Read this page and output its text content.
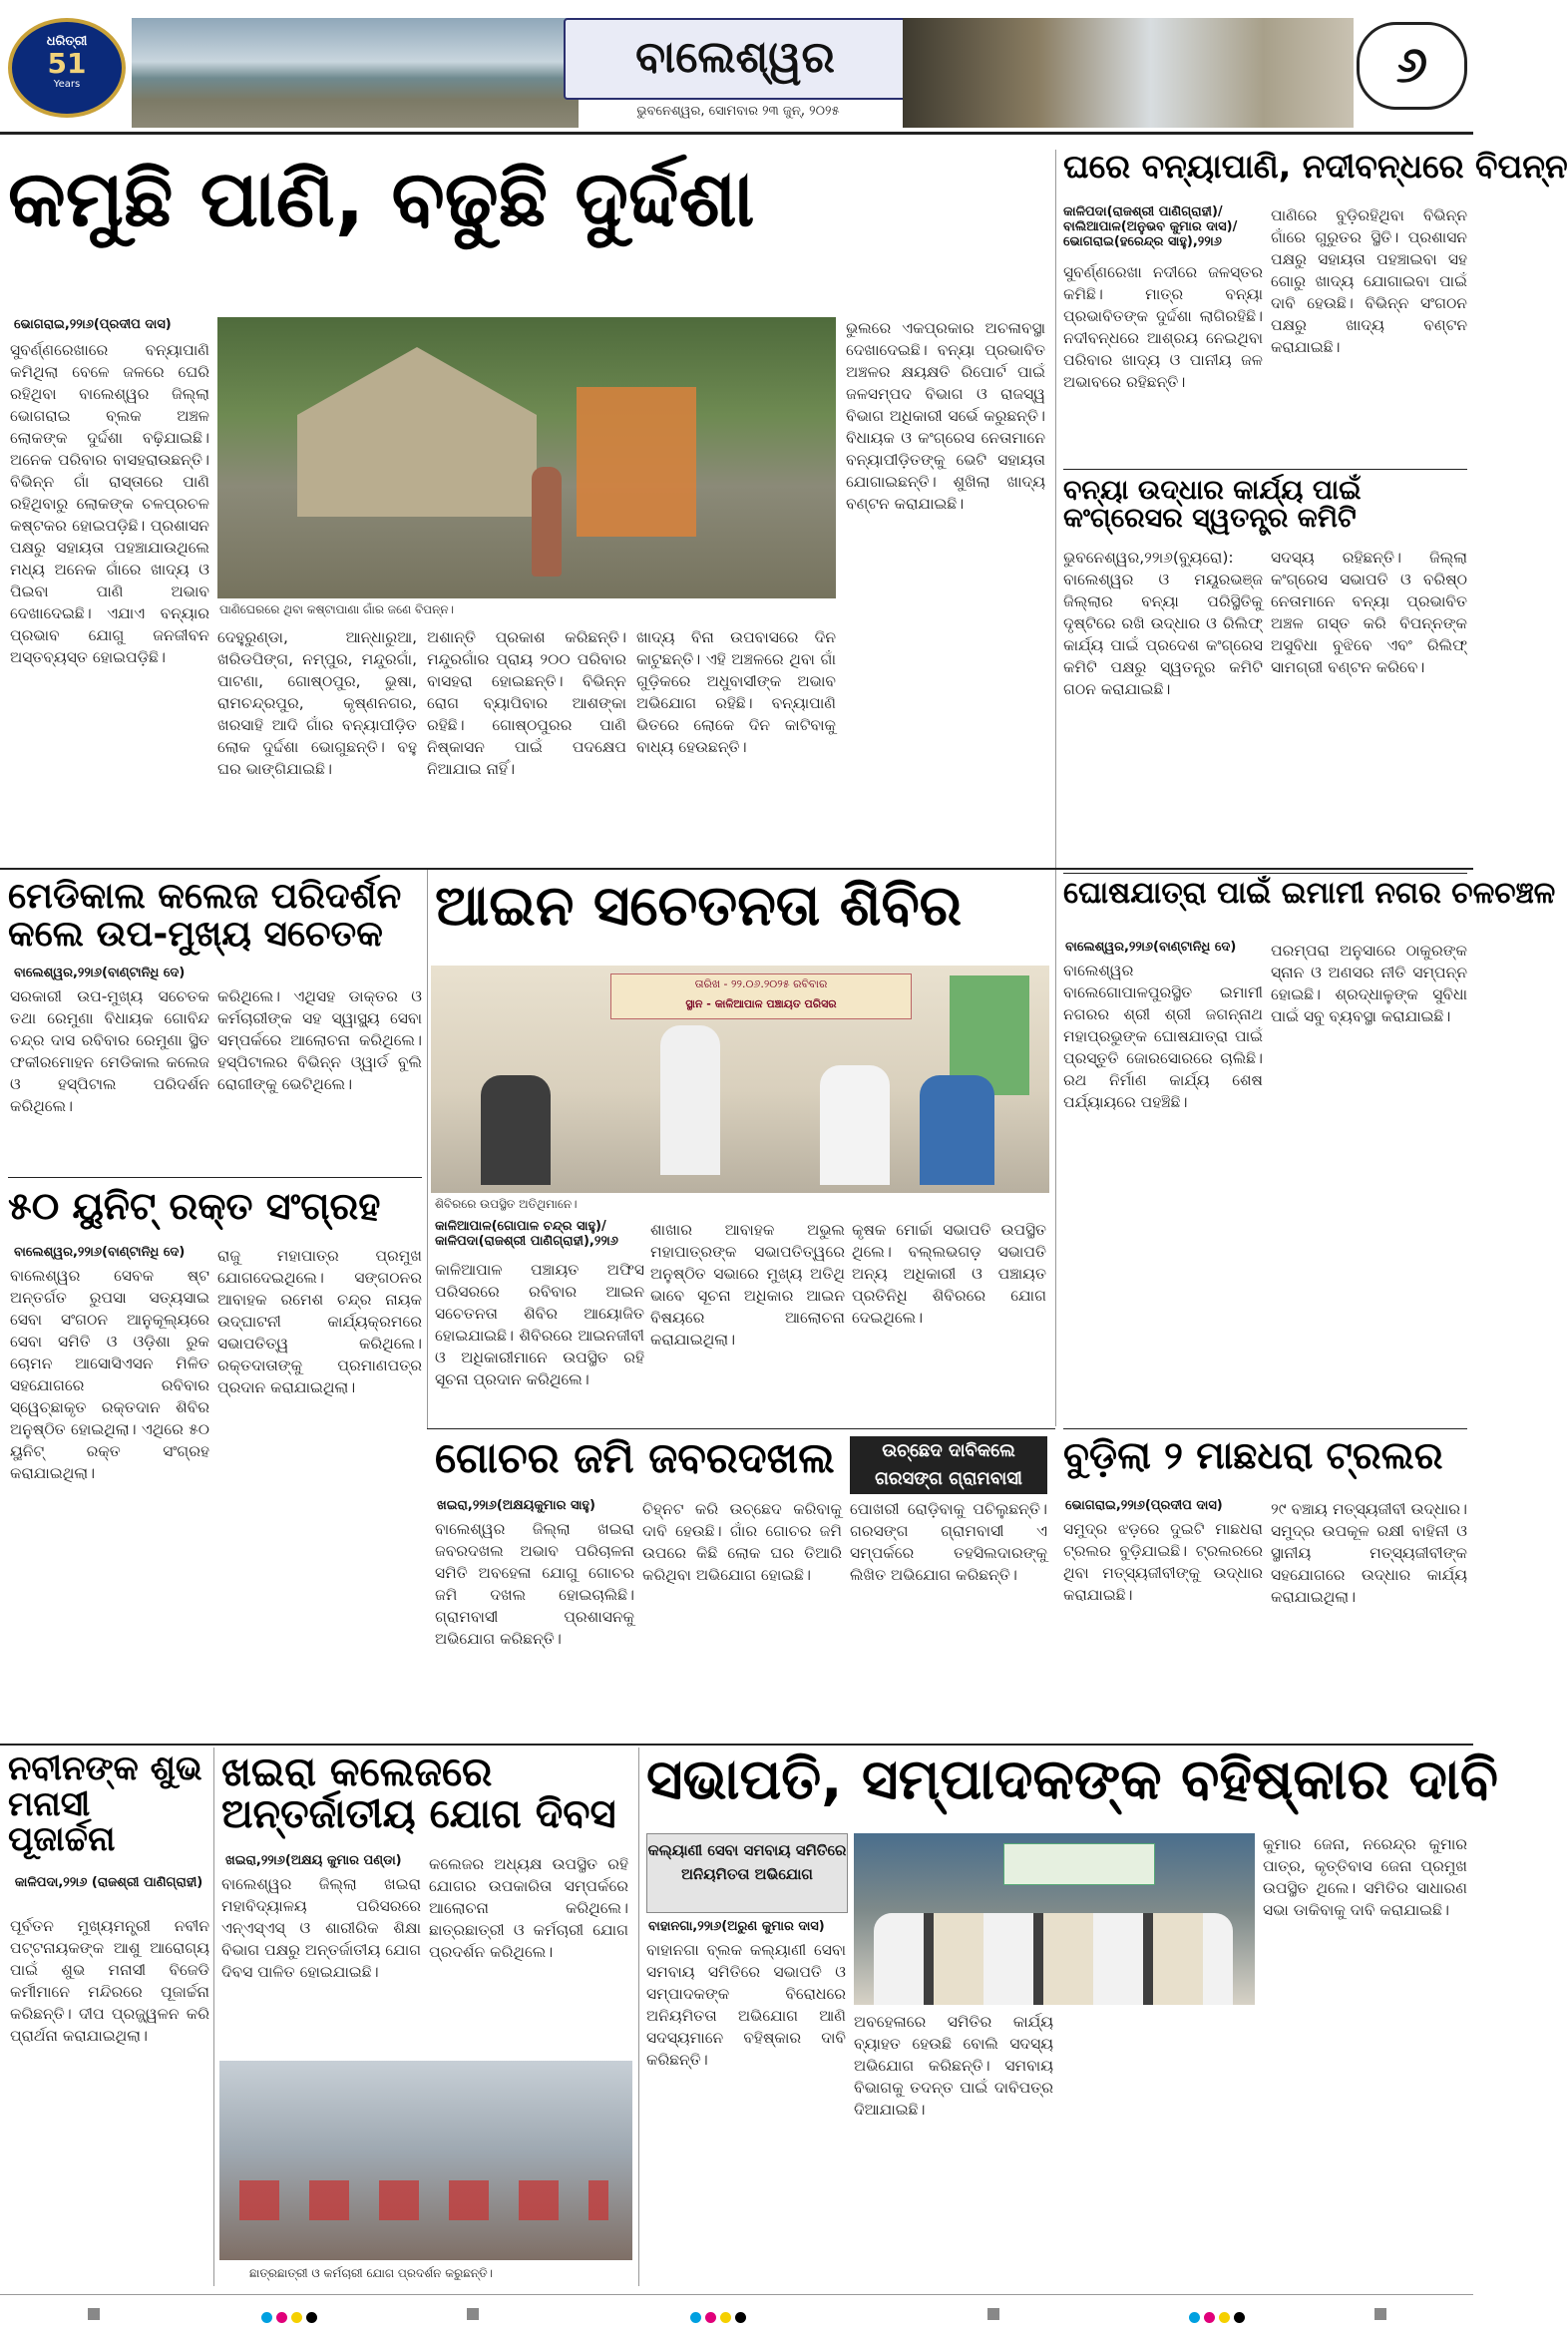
ଧରିତ୍ରୀ
51
Years
ବାଲେଶ୍ୱର
ଭୁବନେଶ୍ୱର, ସୋମବାର ୨୩ ଜୁନ୍, ୨୦୨୫
୬
କମୁଛି ପାଣି, ବଢୁଛି ଦୁର୍ଦ୍ଦଶା
ଭୋଗରାଇ,୨୨ା୬(ପ୍ରଦୀପ ଦାସ)
ସୁବର୍ଣ୍ଣରେଖାରେ ବନ୍ୟାପାଣି କମିଥିଲା ବେଳେ ଜଳରେ ଘେରି ରହିଥିବା ବାଲେଶ୍ୱର ଜିଲ୍ଲା ଭୋଗରାଇ ବ୍ଲକ ଅଞ୍ଚଳ ଲୋକଙ୍କ ଦୁର୍ଦ୍ଦଶା ବଢ଼ିଯାଇଛି। ଅନେକ ପରିବାର ବାସହରାଉଛନ୍ତି। ବିଭିନ୍ନ ଗାଁ ରାସ୍ତାରେ ପାଣି ରହିଥିବାରୁ ଲୋକଙ୍କ ଚଳପ୍ରଚଳ କଷ୍ଟକର ହୋଇପଡ଼ିଛି। ପ୍ରଶାସନ ପକ୍ଷରୁ ସହାୟତା ପହଞ୍ଚାଯାଉଥିଲେ ମଧ୍ୟ ଅନେକ ଗାଁରେ ଖାଦ୍ୟ ଓ ପିଇବା ପାଣି ଅଭାବ ଦେଖାଦେଇଛି। ଏଯାଏ ବନ୍ୟାର ପ୍ରଭାବ ଯୋଗୁ ଜନଜୀବନ ଅସ୍ତବ୍ୟସ୍ତ ହୋଇପଡ଼ିଛି।
ପାଣିଘେରରେ ଥିବା କଷ୍ଟାପାଣା ଗାଁର ଜଣେ ବିପନ୍ନ।
ଦେହୁରୁଣ୍ଡା, ଆନ୍ଧାରୁଆ, ଖରିଡପିଙ୍ଗ, ନମ୍ପୁର, ମନ୍ଦୁରଗାଁ, ପାଟଣା, ଗୋଷ୍ଠପୁର, ଭୁଷା, ରାମଚନ୍ଦ୍ରପୁର, କୃଷ୍ଣନଗର, ଖରସାହି ଆଦି ଗାଁର ବନ୍ୟାପୀଡ଼ିତ ଲୋକ ଦୁର୍ଦ୍ଦଶା ଭୋଗୁଛନ୍ତି। ବହୁ ଘର ଭାଙ୍ଗିଯାଇଛି।
ଅଶାନ୍ତି ପ୍ରକାଶ କରିଛନ୍ତି। ମନ୍ଦୁରଗାଁର ପ୍ରାୟ ୨୦୦ ପରିବାର ବାସହରା ହୋଇଛନ୍ତି। ବିଭିନ୍ନ ରୋଗ ବ୍ୟାପିବାର ଆଶଙ୍କା ରହିଛି। ଗୋଷ୍ଠପୁରର ପାଣି ନିଷ୍କାସନ ପାଇଁ ପଦକ୍ଷେପ ନିଆଯାଇ ନାହିଁ।
ଖାଦ୍ୟ ବିନା ଉପବାସରେ ଦିନ କାଟୁଛନ୍ତି। ଏହି ଅଞ୍ଚଳରେ ଥିବା ଗାଁ ଗୁଡ଼ିକରେ ଅଧୁବାସୀଙ୍କ ଅଭାବ ଅଭିଯୋଗ ରହିଛି। ବନ୍ୟାପାଣି ଭିତରେ ଲୋକେ ଦିନ କାଟିବାକୁ ବାଧ୍ୟ ହେଉଛନ୍ତି।
ଭୁଲରେ ଏକପ୍ରକାର ଅଚଳାବସ୍ଥା ଦେଖାଦେଇଛି। ବନ୍ୟା ପ୍ରଭାବିତ ଅଞ୍ଚଳର କ୍ଷୟକ୍ଷତି ରିପୋର୍ଟ ପାଇଁ ଜଳସମ୍ପଦ ବିଭାଗ ଓ ରାଜସ୍ୱ ବିଭାଗ ଅଧିକାରୀ ସର୍ଭେ କରୁଛନ୍ତି। ବିଧାୟକ ଓ କଂଗ୍ରେସ ନେତାମାନେ ବନ୍ୟାପୀଡ଼ିତଙ୍କୁ ଭେଟି ସହାୟତା ଯୋଗାଇଛନ୍ତି। ଶୁଖିଲା ଖାଦ୍ୟ ବଣ୍ଟନ କରାଯାଇଛି।
ଘରେ ବନ୍ୟାପାଣି, ନଦୀବନ୍ଧରେ ବିପନ୍ନ
କାଳିପଦା(ରାଜଶ୍ରୀ ପାଣିଗ୍ରାହୀ)/ ବାଲିଆପାଳ(ଅନୁଭବ କୁମାର ଦାସ)/ ଭୋଗରାଇ(ହରେନ୍ଦ୍ର ସାହୁ),୨୨ା୬
ସୁବର୍ଣ୍ଣରେଖା ନଦୀରେ ଜଳସ୍ତର କମିଛି। ମାତ୍ର ବନ୍ୟା ପ୍ରଭାବିତଙ୍କ ଦୁର୍ଦ୍ଦଶା ଲାଗିରହିଛି। ନଦୀବନ୍ଧରେ ଆଶ୍ରୟ ନେଇଥିବା ପରିବାର ଖାଦ୍ୟ ଓ ପାନୀୟ ଜଳ ଅଭାବରେ ରହିଛନ୍ତି।
ପାଣିରେ ବୁଡ଼ିରହିଥିବା ବିଭିନ୍ନ ଗାଁରେ ଗୁରୁତର ସ୍ଥିତି। ପ୍ରଶାସନ ପକ୍ଷରୁ ସହାୟତା ପହଞ୍ଚାଇବା ସହ ଗୋରୁ ଖାଦ୍ୟ ଯୋଗାଇବା ପାଇଁ ଦାବି ହେଉଛି। ବିଭିନ୍ନ ସଂଗଠନ ପକ୍ଷରୁ ଖାଦ୍ୟ ବଣ୍ଟନ କରାଯାଇଛି।
ବନ୍ୟା ଉଦ୍ଧାର କାର୍ଯ୍ୟ ପାଇଁ କଂଗ୍ରେସର ସ୍ୱତନ୍ତ୍ର କମିଟି
ଭୁବନେଶ୍ୱର,୨୨ା୬(ବ୍ୟୁରୋ): ବାଲେଶ୍ୱର ଓ ମୟୂରଭଞ୍ଜ ଜିଲ୍ଲାର ବନ୍ୟା ପରିସ୍ଥିତିକୁ ଦୃଷ୍ଟିରେ ରଖି ଉଦ୍ଧାର ଓ ରିଲିଫ୍ କାର୍ଯ୍ୟ ପାଇଁ ପ୍ରଦେଶ କଂଗ୍ରେସ କମିଟି ପକ୍ଷରୁ ସ୍ୱତନ୍ତ୍ର କମିଟି ଗଠନ କରାଯାଇଛି।
ସଦସ୍ୟ ରହିଛନ୍ତି। ଜିଲ୍ଲା କଂଗ୍ରେସ ସଭାପତି ଓ ବରିଷ୍ଠ ନେତାମାନେ ବନ୍ୟା ପ୍ରଭାବିତ ଅଞ୍ଚଳ ଗସ୍ତ କରି ବିପନ୍ନଙ୍କ ଅସୁବିଧା ବୁଝିବେ ଏବଂ ରିଲିଫ୍ ସାମଗ୍ରୀ ବଣ୍ଟନ କରିବେ।
ମେଡିକାଲ କଲେଜ ପରିଦର୍ଶନ କଲେ ଉପ-ମୁଖ୍ୟ ସଚେତକ
ବାଲେଶ୍ୱର,୨୨ା୬(ବାଣ୍ଟାନିଧି ଦେ)
ସରକାରୀ ଉପ-ମୁଖ୍ୟ ସଚେତକ ତଥା ରେମୁଣା ବିଧାୟକ ଗୋବିନ୍ଦ ଚନ୍ଦ୍ର ଦାସ ରବିବାର ରେମୁଣା ସ୍ଥିତ ଫକୀରମୋହନ ମେଡିକାଲ କଲେଜ ଓ ହସ୍ପିଟାଲ ପରିଦର୍ଶନ କରିଥିଲେ।
କରିଥିଲେ। ଏଥିସହ ଡାକ୍ତର ଓ କର୍ମଚାରୀଙ୍କ ସହ ସ୍ୱାସ୍ଥ୍ୟ ସେବା ସମ୍ପର୍କରେ ଆଲୋଚନା କରିଥିଲେ। ହସ୍ପିଟାଲର ବିଭିନ୍ନ ଓ୍ୱାର୍ଡ ବୁଲି ରୋଗୀଙ୍କୁ ଭେଟିଥିଲେ।
୫୦ ୟୁନିଟ୍ ରକ୍ତ ସଂଗ୍ରହ
ବାଲେଶ୍ୱର,୨୨ା୬(ବାଣ୍ଟାନିଧି ଦେ)
ବାଲେଶ୍ୱର ସେବକ ଷ୍ଟ ଅନ୍ତର୍ଗତ ରୁପସା ସତ୍ୟସାଇ ସେବା ସଂଗଠନ ଆନୁକୂଲ୍ୟରେ ସେବା ସମିତି ଓ ଓଡ଼ିଶା ରୁକ ଚୋମନ ଆସୋସିଏସନ ମିଳିତ ସହଯୋଗରେ ରବିବାର ସ୍ୱେଚ୍ଛାକୃତ ରକ୍ତଦାନ ଶିବିର ଅନୁଷ୍ଠିତ ହୋଇଥିଲା। ଏଥିରେ ୫୦ ୟୁନିଟ୍ ରକ୍ତ ସଂଗ୍ରହ କରାଯାଇଥିଲା।
ରାଜୁ ମହାପାତ୍ର ପ୍ରମୁଖ ଯୋଗଦେଇଥିଲେ। ସଙ୍ଗଠନର ଆବାହକ ରମେଶ ଚନ୍ଦ୍ର ନାୟକ ଉଦ୍‌ଘାଟନୀ କାର୍ଯ୍ୟକ୍ରମରେ ସଭାପତିତ୍ୱ କରିଥିଲେ। ରକ୍ତଦାତାଙ୍କୁ ପ୍ରମାଣପତ୍ର ପ୍ରଦାନ କରାଯାଇଥିଲା।
ଆଇନ ସଚେତନତା ଶିବିର
ତାରିଖ - ୨୨.୦୬.୨୦୨୫ ରବିବାର
ସ୍ଥାନ - କାଳିଆପାଳ ପଞ୍ଚାୟତ ପରିସର
ଶିବିରରେ ଉପସ୍ଥିତ ଅତିଥିମାନେ।
କାଳିଆପାଳ(ଗୋପାଳ ଚନ୍ଦ୍ର ସାହୁ)/ କାଳିପଦା(ରାଜଶ୍ରୀ ପାଣିଗ୍ରାହୀ),୨୨ା୬
କାଳିଆପାଳ ପଞ୍ଚାୟତ ଅଫିସ ପରିସରରେ ରବିବାର ଆଇନ ସଚେତନତା ଶିବିର ଆୟୋଜିତ ହୋଇଯାଇଛି। ଶିବିରରେ ଆଇନଜୀବୀ ଓ ଅଧିକାରୀମାନେ ଉପସ୍ଥିତ ରହି ସୂଚନା ପ୍ରଦାନ କରିଥିଲେ।
ଶାଖାର ଆବାହକ ଅଭୁଲ ମହାପାତ୍ରଙ୍କ ସଭାପତିତ୍ୱରେ ଅନୁଷ୍ଠିତ ସଭାରେ ମୁଖ୍ୟ ଅତିଥି ଭାବେ ସୂଚନା ଅଧିକାର ଆଇନ ବିଷୟରେ ଆଲୋଚନା କରାଯାଇଥିଲା।
କୃଷକ ମୋର୍ଚ୍ଚା ସଭାପତି ଉପସ୍ଥିତ ଥିଲେ। ବଲ୍ଲଭଗଡ଼ ସଭାପତି ଅନ୍ୟ ଅଧିକାରୀ ଓ ପଞ୍ଚାୟତ ପ୍ରତିନିଧି ଶିବିରରେ ଯୋଗ ଦେଇଥିଲେ।
ଘୋଷଯାତ୍ରା ପାଇଁ ଇମାମୀ ନଗର ଚଳଚଞ୍ଚଳ
ବାଲେଶ୍ୱର,୨୨ା୬(ବାଣ୍ଟାନିଧି ଦେ)
ବାଲେଶ୍ୱର ବାଲେଗୋପାଳପୁରସ୍ଥିତ ଇମାମୀ ନଗରର ଶ୍ରୀ ଶ୍ରୀ ଜଗନ୍ନାଥ ମହାପ୍ରଭୁଙ୍କ ଘୋଷଯାତ୍ରା ପାଇଁ ପ୍ରସ୍ତୁତି ଜୋରସୋରରେ ଚାଲିଛି। ରଥ ନିର୍ମାଣ କାର୍ଯ୍ୟ ଶେଷ ପର୍ଯ୍ୟାୟରେ ପହଞ୍ଚିଛି।
ପରମ୍ପରା ଅନୁସାରେ ଠାକୁରଙ୍କ ସ୍ନାନ ଓ ଅଣସର ନୀତି ସମ୍ପନ୍ନ ହୋଇଛି। ଶ୍ରଦ୍ଧାଳୁଙ୍କ ସୁବିଧା ପାଇଁ ସବୁ ବ୍ୟବସ୍ଥା କରାଯାଇଛି।
ଗୋଚର ଜମି ଜବରଦଖଲ	ଉଚ୍ଛେଦ ଦାବିକଲେ ଗରସଙ୍ଗ ଗ୍ରାମବାସୀ
ଖଇରା,୨୨ା୬(ଅକ୍ଷୟକୁମାର ସାହୁ)
ବାଲେଶ୍ୱର ଜିଲ୍ଲା ଖଇରା ଜବରଦଖଲ ଅଭାବ ପରିଚାଳନା ସମିତି ଅବହେଳା ଯୋଗୁ ଗୋଚର ଜମି ଦଖଲ ହୋଇଚାଲିଛି। ଗ୍ରାମବାସୀ ପ୍ରଶାସନକୁ ଅଭିଯୋଗ କରିଛନ୍ତି।
ଚିହ୍ନଟ କରି ଉଚ୍ଛେଦ କରିବାକୁ ଦାବି ହେଉଛି। ଗାଁର ଗୋଚର ଜମି ଉପରେ କିଛି ଲୋକ ଘର ତିଆରି କରିଥିବା ଅଭିଯୋଗ ହୋଇଛି।
ପୋଖରୀ ରୋଡ଼ିବାକୁ ପଚିଲୁଛନ୍ତି। ଗରସଙ୍ଗ ଗ୍ରାମବାସୀ ଏ ସମ୍ପର୍କରେ ତହସିଲଦାରଙ୍କୁ ଲିଖିତ ଅଭିଯୋଗ କରିଛନ୍ତି।
ବୁଡ଼ିଲା ୨ ମାଛଧରା ଟ୍ରଲର
ଭୋଗରାଇ,୨୨ା୬(ପ୍ରଦୀପ ଦାସ)
ସମୁଦ୍ର ଝଡ଼ରେ ଦୁଇଟି ମାଛଧରା ଟ୍ରଲର ବୁଡ଼ିଯାଇଛି। ଟ୍ରଲରରେ ଥିବା ମତ୍ସ୍ୟଜୀବୀଙ୍କୁ ଉଦ୍ଧାର କରାଯାଇଛି।
୨୯ ବଞ୍ଚାୟ ମତ୍ସ୍ୟଜୀବୀ ଉଦ୍ଧାର। ସମୁଦ୍ର ଉପକୂଳ ରକ୍ଷୀ ବାହିନୀ ଓ ସ୍ଥାନୀୟ ମତ୍ସ୍ୟଜୀବୀଙ୍କ ସହଯୋଗରେ ଉଦ୍ଧାର କାର୍ଯ୍ୟ କରାଯାଇଥିଲା।
ନବୀନଙ୍କ ଶୁଭ ମନାସୀ ପୂଜାର୍ଚ୍ଚନା
କାଳିପଦା,୨୨ା୬ (ରାଜଶ୍ରୀ ପାଣିଗ୍ରାହୀ)
ପୂର୍ବତନ ମୁଖ୍ୟମନ୍ତ୍ରୀ ନବୀନ ପଟ୍ଟନାୟକଙ୍କ ଆଶୁ ଆରୋଗ୍ୟ ପାଇଁ ଶୁଭ ମନାସୀ ବିଜେଡି କର୍ମୀମାନେ ମନ୍ଦିରରେ ପୂଜାର୍ଚ୍ଚନା କରିଛନ୍ତି। ଦୀପ ପ୍ରଜ୍ଜ୍ୱଳନ କରି ପ୍ରାର୍ଥନା କରାଯାଇଥିଲା।
ଖଇରା କଲେଜରେ ଅନ୍ତର୍ଜାତୀୟ ଯୋଗ ଦିବସ
ଖଇରା,୨୨ା୬(ଅକ୍ଷୟ କୁମାର ପଣ୍ଡା)
ବାଲେଶ୍ୱର ଜିଲ୍ଲା ଖଇରା ମହାବିଦ୍ୟାଳୟ ପରିସରରେ ଏନ୍‌ଏସ୍‌ଏସ୍‌ ଓ ଶାରୀରିକ ଶିକ୍ଷା ବିଭାଗ ପକ୍ଷରୁ ଅନ୍ତର୍ଜାତୀୟ ଯୋଗ ଦିବସ ପାଳିତ ହୋଇଯାଇଛି।
କଲେଜର ଅଧ୍ୟକ୍ଷ ଉପସ୍ଥିତ ରହି ଯୋଗର ଉପକାରିତା ସମ୍ପର୍କରେ ଆଲୋଚନା କରିଥିଲେ। ଛାତ୍ରଛାତ୍ରୀ ଓ କର୍ମଚାରୀ ଯୋଗ ପ୍ରଦର୍ଶନ କରିଥିଲେ।
ଛାତ୍ରଛାତ୍ରୀ ଓ କର୍ମଚାରୀ ଯୋଗ ପ୍ରଦର୍ଶନ କରୁଛନ୍ତି।
ସଭାପତି, ସମ୍ପାଦକଙ୍କ ବହିଷ୍କାର ଦାବି
କଲ୍ୟାଣୀ ସେବା ସମବାୟ ସମିତିରେ ଅନିୟମିତତା ଅଭିଯୋଗ
ବାହାନଗା,୨୨ା୬(ଅରୁଣ କୁମାର ଦାସ)
ବାହାନଗା ବ୍ଲକ କଲ୍ୟାଣୀ ସେବା ସମବାୟ ସମିତିରେ ସଭାପତି ଓ ସମ୍ପାଦକଙ୍କ ବିରୋଧରେ ଅନିୟମିତତା ଅଭିଯୋଗ ଆଣି ସଦସ୍ୟମାନେ ବହିଷ୍କାର ଦାବି କରିଛନ୍ତି।
ଅବହେଳାରେ ସମିତିର କାର୍ଯ୍ୟ ବ୍ୟାହତ ହେଉଛି ବୋଲି ସଦସ୍ୟ ଅଭିଯୋଗ କରିଛନ୍ତି। ସମବାୟ ବିଭାଗକୁ ତଦନ୍ତ ପାଇଁ ଦାବିପତ୍ର ଦିଆଯାଇଛି।
କୁମାର ଜେନା, ନରେନ୍ଦ୍ର କୁମାର ପାତ୍ର, କୃତ୍ତିବାସ ଜେନା ପ୍ରମୁଖ ଉପସ୍ଥିତ ଥିଲେ। ସମିତିର ସାଧାରଣ ସଭା ଡାକିବାକୁ ଦାବି କରାଯାଇଛି।
